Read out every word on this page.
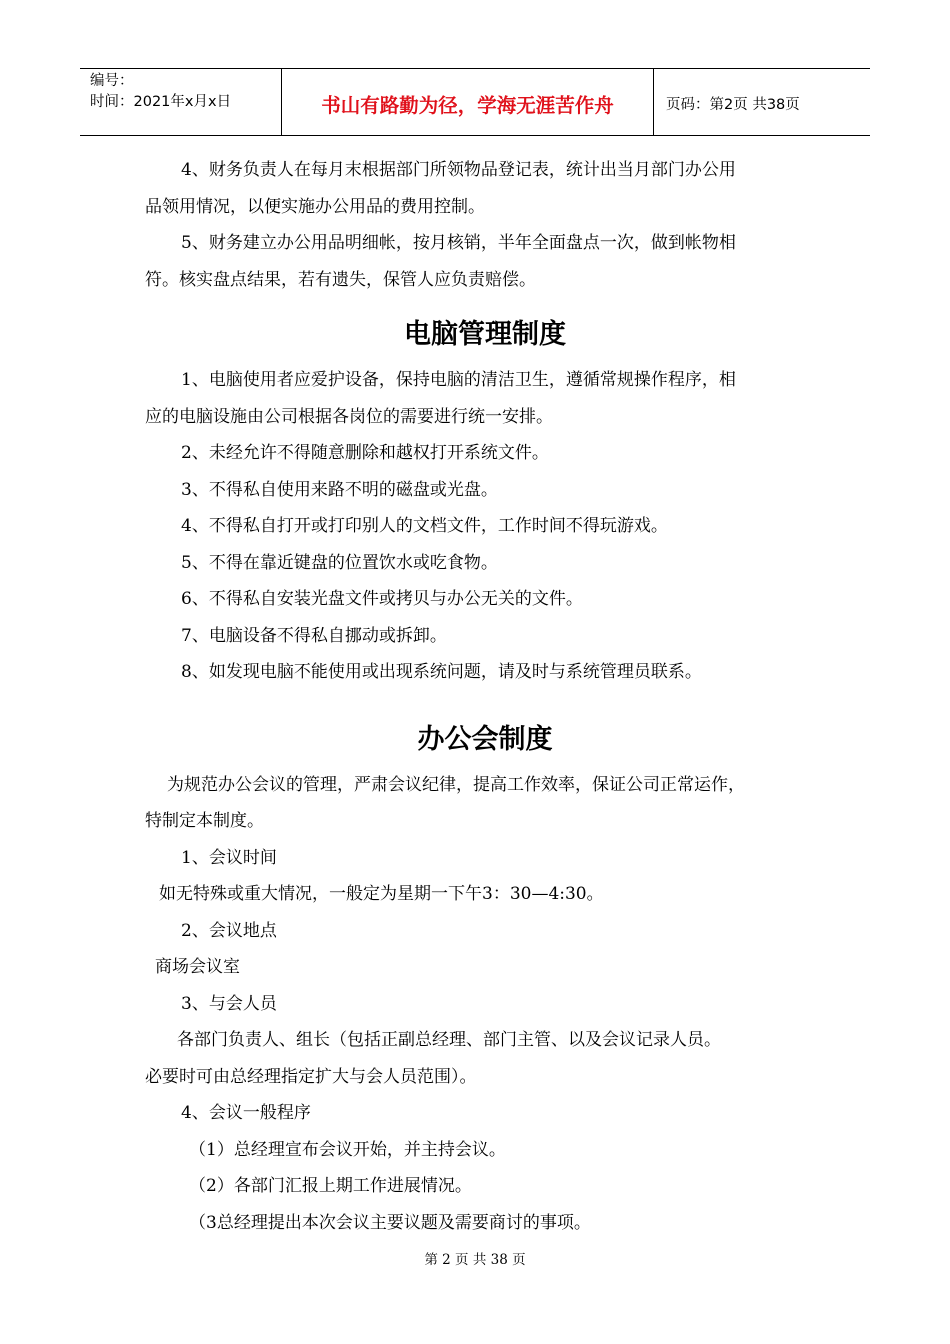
编号：
时间：2021年x月x日	书山有路勤为径，学海无涯苦作舟	页码：第2页 共38页

4、财务负责人在每月末根据部门所领物品登记表，统计出当月部门办公用

品领用情况，以便实施办公用品的费用控制。

5、财务建立办公用品明细帐，按月核销，半年全面盘点一次，做到帐物相

符。核实盘点结果，若有遗失，保管人应负责赔偿。

电脑管理制度

1、电脑使用者应爱护设备，保持电脑的清洁卫生，遵循常规操作程序，相

应的电脑设施由公司根据各岗位的需要进行统一安排。

2、未经允许不得随意删除和越权打开系统文件。

3、不得私自使用来路不明的磁盘或光盘。

4、不得私自打开或打印别人的文档文件，工作时间不得玩游戏。

5、不得在靠近键盘的位置饮水或吃食物。

6、不得私自安装光盘文件或拷贝与办公无关的文件。

7、电脑设备不得私自挪动或拆卸。

8、如发现电脑不能使用或出现系统问题，请及时与系统管理员联系。

办公会制度

为规范办公会议的管理，严肃会议纪律，提高工作效率，保证公司正常运作，

特制定本制度。

1、会议时间

如无特殊或重大情况，一般定为星期一下午3：30—4:30。

2、会议地点

商场会议室

3、与会人员

各部门负责人、组长（包括正副总经理、部门主管、以及会议记录人员。

必要时可由总经理指定扩大与会人员范围）。

4、会议一般程序

（1）总经理宣布会议开始，并主持会议。

（2）各部门汇报上期工作进展情况。

（3总经理提出本次会议主要议题及需要商讨的事项。

第 2 页 共 38 页
